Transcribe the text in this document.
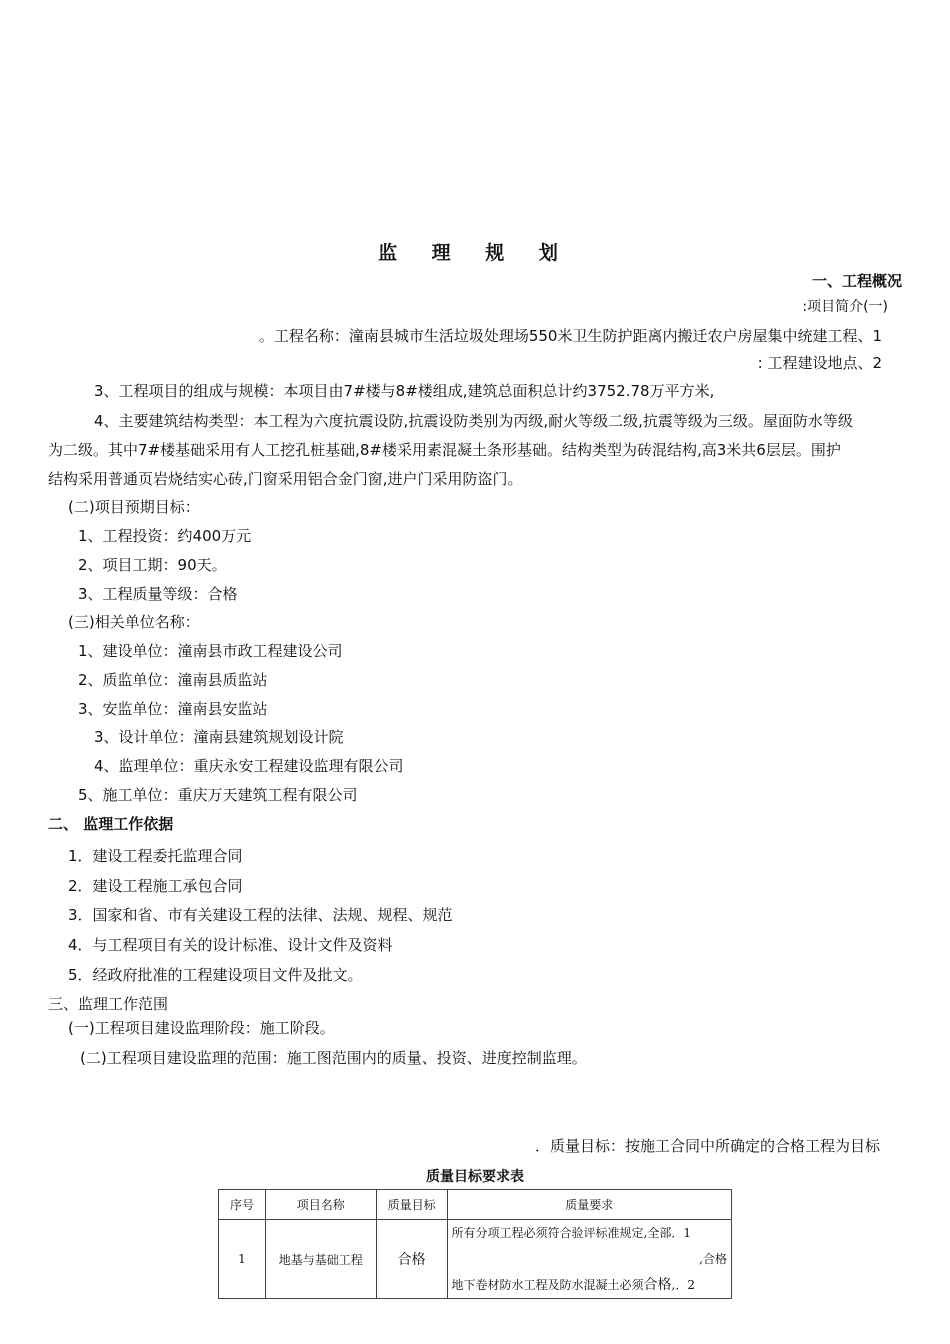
监 理 规 划
一、工程概况
:项目简介(一)
。工程名称：潼南县城市生活垃圾处理场550米卫生防护距离内搬迁农户房屋集中统建工程、1
: 工程建设地点、2
3、工程项目的组成与规模：本项目由7#楼与8#楼组成,建筑总面积总计约3752.78万平方米,
4、主要建筑结构类型：本工程为六度抗震设防,抗震设防类别为丙级,耐火等级二级,抗震等级为三级。屋面防水等级
为二级。其中7#楼基础采用有人工挖孔桩基础,8#楼采用素混凝土条形基础。结构类型为砖混结构,高3米共6层层。围护
结构采用普通页岩烧结实心砖,门窗采用铝合金门窗,进户门采用防盗门。
(二)项目预期目标：
1、工程投资：约400万元
2、项目工期：90天。
3、工程质量等级：合格
(三)相关单位名称：
1、建设单位：潼南县市政工程建设公司
2、质监单位：潼南县质监站
3、安监单位：潼南县安监站
3、设计单位：潼南县建筑规划设计院
4、监理单位：重庆永安工程建设监理有限公司
5、施工单位：重庆万天建筑工程有限公司
二、 监理工作依据
1．建设工程委托监理合同
2．建设工程施工承包合同
3．国家和省、市有关建设工程的法律、法规、规程、规范
4．与工程项目有关的设计标准、设计文件及资料
5．经政府批准的工程建设项目文件及批文。
三、监理工作范围
(一)工程项目建设监理阶段：施工阶段。
(二)工程项目建设监理的范围：施工图范围内的质量、投资、进度控制监理。
．质量目标：按施工合同中所确定的合格工程为目标
质量目标要求表
序号	项目名称	质量目标	质量要求
1	地基与基础工程	合格	所有分项工程必须符合验评标准规定,全部．1
,合格
地下卷材防水工程及防水混凝土必须合格,．2
